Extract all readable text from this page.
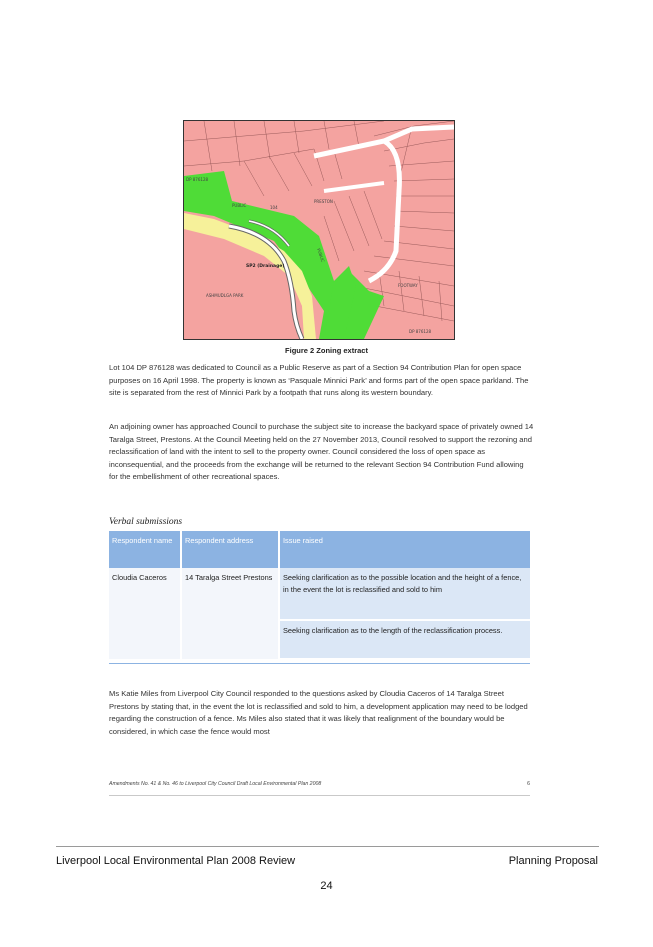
DP 876128
PUBLIC	104
PUBLIC
SP2 (Drainage)
ASHMUDLGA PARK
PRESTON
FOOTWAY
DP 876128
Figure 2 Zoning extract

Lot 104 DP 876128 was dedicated to Council as a Public Reserve as part of a Section 94 Contribution Plan for open space purposes on 16 April 1998. The property is known as ‘Pasquale Minnici Park’ and forms part of the open space parkland. The site is separated from the rest of Minnici Park by a footpath that runs along its western boundary.

An adjoining owner has approached Council to purchase the subject site to increase the backyard space of privately owned 14 Taralga Street, Prestons. At the Council Meeting held on the 27 November 2013, Council resolved to support the rezoning and reclassification of land with the intent to sell to the property owner. Council considered the loss of open space as inconsequential, and the proceeds from the exchange will be returned to the relevant Section 94 Contribution Fund allowing for the embellishment of other recreational spaces.

Verbal submissions
Respondent name	Respondent address	Issue raised
Cloudia Caceros	14 Taralga Street Prestons	Seeking clarification as to the possible location and the height of a fence, in the event the lot is reclassified and sold to him
		Seeking clarification as to the length of the reclassification process.

Ms Katie Miles from Liverpool City Council responded to the questions asked by Cloudia Caceros of 14 Taralga Street Prestons by stating that, in the event the lot is reclassified and sold to him, a development application may need to be lodged regarding the construction of a fence. Ms Miles also stated that it was likely that realignment of the boundary would be considered, in which case the fence would most

Amendments No. 41 & No. 46 to Liverpool City Council Draft Local Environmental Plan 2008	6
Liverpool Local Environmental Plan 2008 Review	Planning Proposal
24
